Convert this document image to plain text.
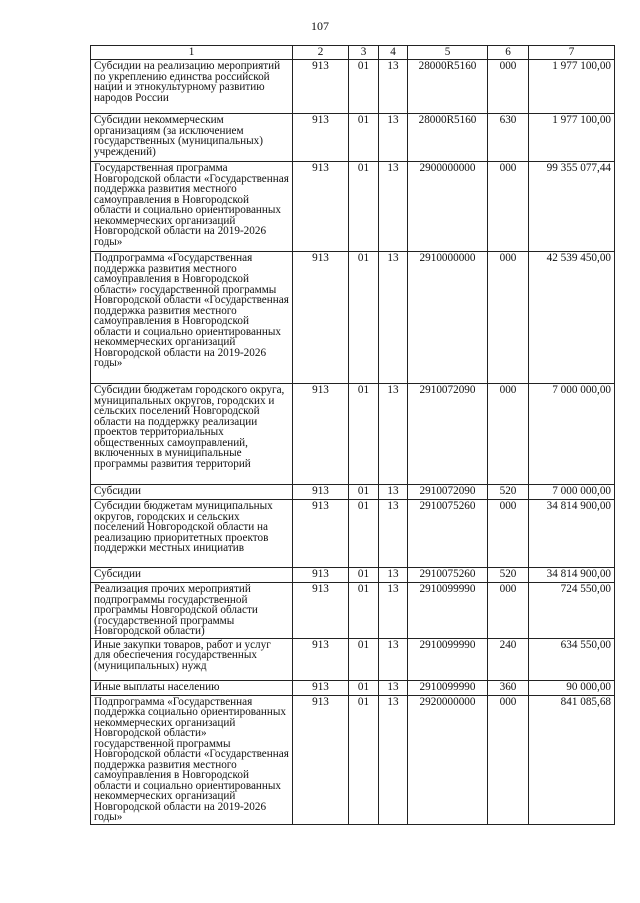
107
1	2	3	4	5	6	7
Субсидии на реализацию мероприятий по укреплению единства российской нации и этнокультурному развитию народов России	913	01	13	28000R5160	000	1 977 100,00
Субсидии некоммерческим организациям (за исключением государственных (муниципальных) учреждений)	913	01	13	28000R5160	630	1 977 100,00
Государственная программа Новгородской области «Государственная поддержка развития местного самоуправления в Новгородской области и социально ориентированных некоммерческих организаций Новгородской области на 2019-2026 годы»	913	01	13	2900000000	000	99 355 077,44
Подпрограмма «Государственная поддержка развития местного самоуправления в Новгородской области» государственной программы Новгородской области «Государственная поддержка развития местного самоуправления в Новгородской области и социально ориентированных некоммерческих организаций Новгородской области на 2019-2026 годы»	913	01	13	2910000000	000	42 539 450,00
Субсидии бюджетам городского округа, муниципальных округов, городских и сельских поселений Новгородской области на поддержку реализации проектов территориальных общественных самоуправлений, включенных в муниципальные программы развития территорий	913	01	13	2910072090	000	7 000 000,00
Субсидии	913	01	13	2910072090	520	7 000 000,00
Субсидии бюджетам муниципальных округов, городских и сельских поселений Новгородской области на реализацию приоритетных проектов поддержки местных инициатив	913	01	13	2910075260	000	34 814 900,00
Субсидии	913	01	13	2910075260	520	34 814 900,00
Реализация прочих мероприятий подпрограммы государственной программы Новгородской области (государственной программы Новгородской области)	913	01	13	2910099990	000	724 550,00
Иные закупки товаров, работ и услуг для обеспечения государственных (муниципальных) нужд	913	01	13	2910099990	240	634 550,00
Иные выплаты населению	913	01	13	2910099990	360	90 000,00
Подпрограмма «Государственная поддержка социально ориентированных некоммерческих организаций Новгородской области» государственной программы Новгородской области «Государственная поддержка развития местного самоуправления в Новгородской области и социально ориентированных некоммерческих организаций Новгородской области на 2019-2026 годы»	913	01	13	2920000000	000	841 085,68
